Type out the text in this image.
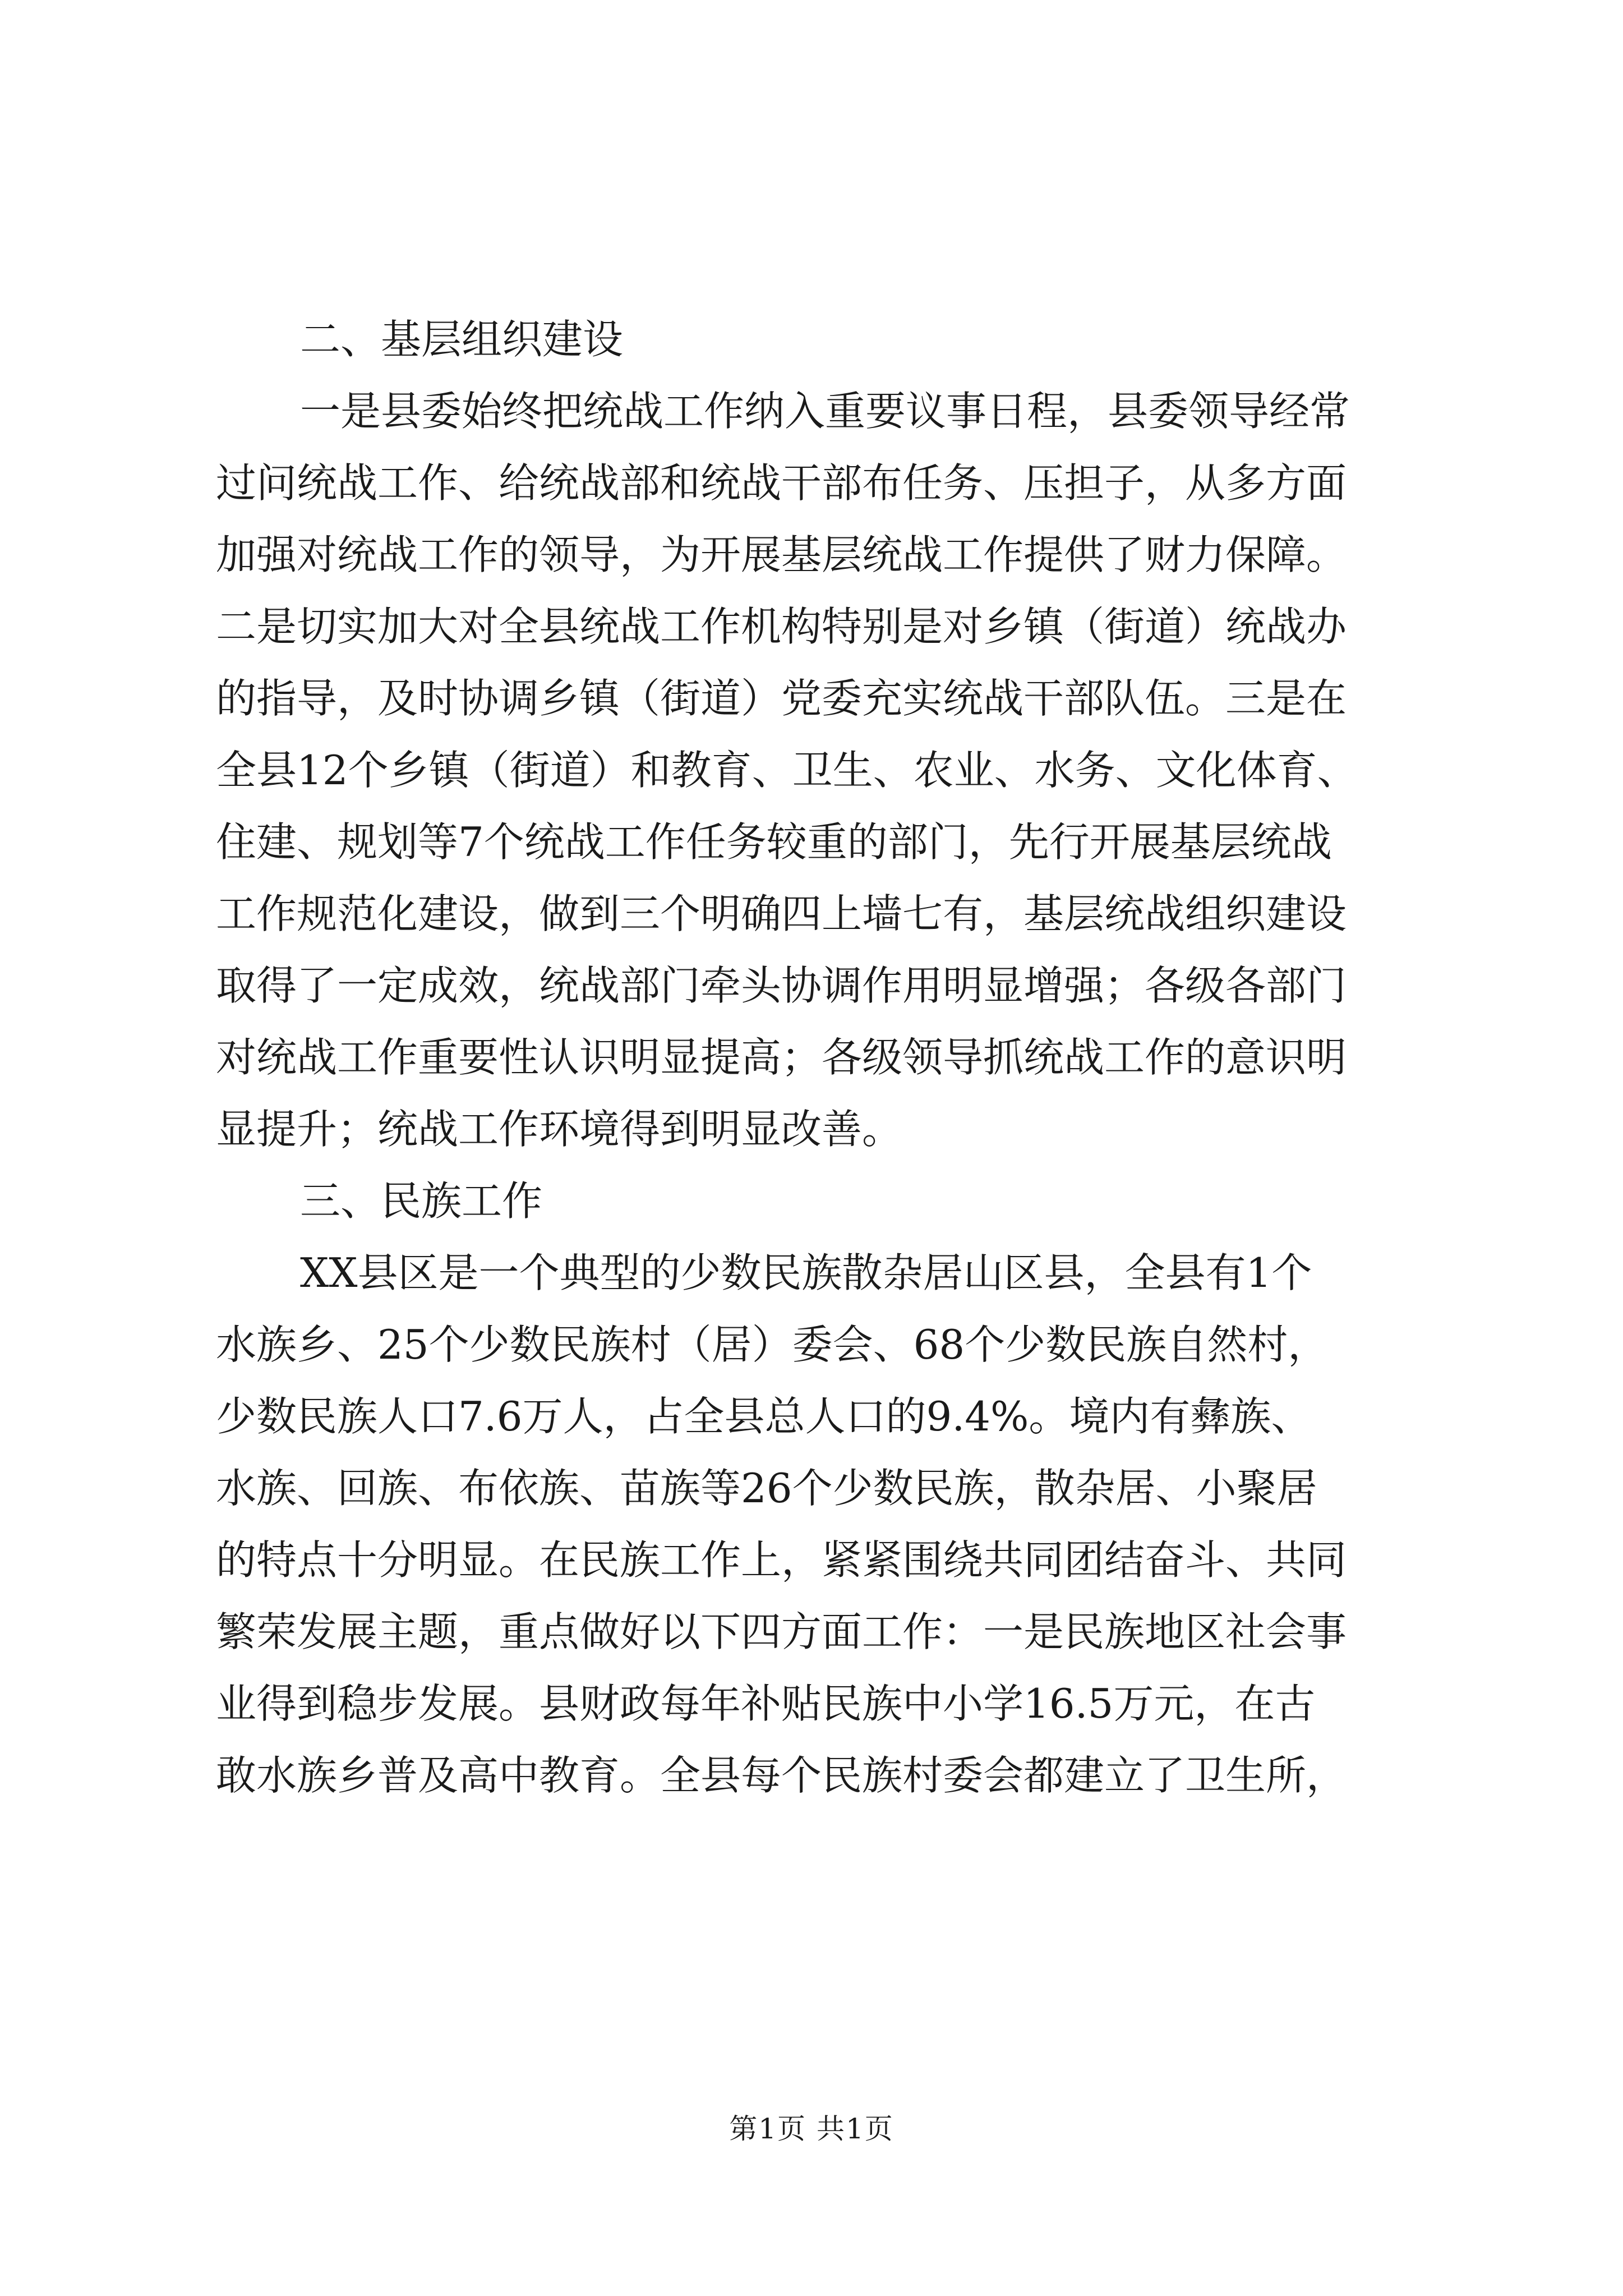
二、基层组织建设
一是县委始终把统战工作纳入重要议事日程，县委领导经常
过问统战工作、给统战部和统战干部布任务、压担子，从多方面
加强对统战工作的领导，为开展基层统战工作提供了财力保障。
二是切实加大对全县统战工作机构特别是对乡镇（街道）统战办
的指导，及时协调乡镇（街道）党委充实统战干部队伍。三是在
全县12个乡镇（街道）和教育、卫生、农业、水务、文化体育、
住建、规划等7个统战工作任务较重的部门，先行开展基层统战
工作规范化建设，做到三个明确四上墙七有，基层统战组织建设
取得了一定成效，统战部门牵头协调作用明显增强；各级各部门
对统战工作重要性认识明显提高；各级领导抓统战工作的意识明
显提升；统战工作环境得到明显改善。
三、民族工作
XX县区是一个典型的少数民族散杂居山区县，全县有1个
水族乡、25个少数民族村（居）委会、68个少数民族自然村，
少数民族人口7.6万人，占全县总人口的9.4%。境内有彝族、
水族、回族、布依族、苗族等26个少数民族，散杂居、小聚居
的特点十分明显。在民族工作上，紧紧围绕共同团结奋斗、共同
繁荣发展主题，重点做好以下四方面工作：一是民族地区社会事
业得到稳步发展。县财政每年补贴民族中小学16.5万元，在古
敢水族乡普及高中教育。全县每个民族村委会都建立了卫生所，
第1页 共1页
